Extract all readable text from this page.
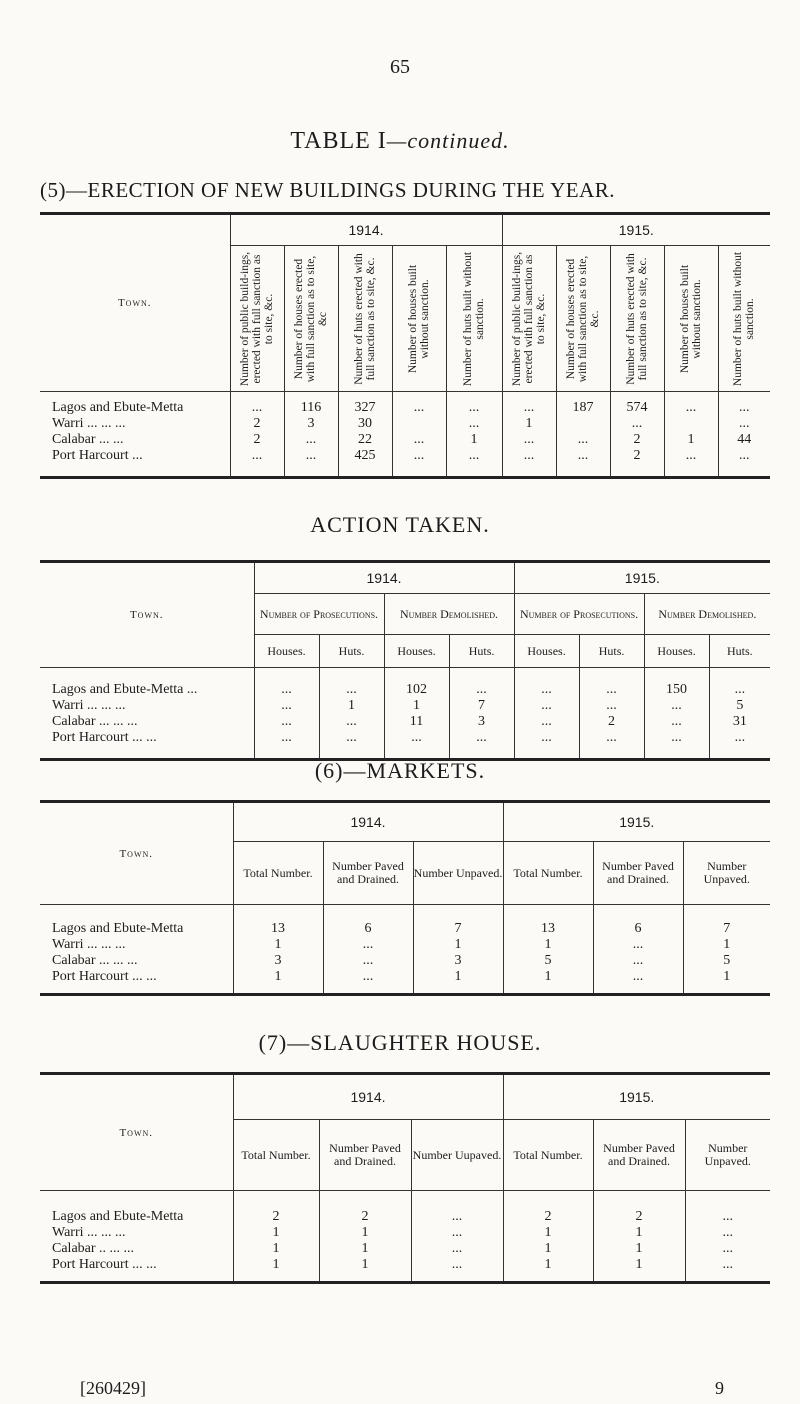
65
TABLE I—continued.
(5)—ERECTION OF NEW BUILDINGS DURING THE YEAR.
Town.	1914.					1915.				

	Number of public build-ings, erected with full sanction as to site, &c.	Number of houses erected with full sanction as to site, &c	Number of huts erected with full sanction as to site, &c.	Number of houses built without sanction.	Number of huts built without sanction.	Number of public build-ings, erected with full sanction as to site, &c.	Number of houses erected with full sanction as to site, &c.	Number of huts erected with full sanction as to site, &c.	Number of houses built without sanction.	Number of huts built without sanction.

Lagos and Ebute-Metta	...	116	327	...	...	...	187	574	...	...
Warri ... ... ...	2	3	30		...	1		...		...
Calabar ... ...	2	...	22	...	1	...	...	2	1	44
Port Harcourt ...	...	...	425	...	...	...	...	2	...	...

ACTION TAKEN.
Town.	1914.				1915.			
	Number of Prosecutions.		Number Demolished.		Number of Prosecutions.		Number Demolished.	
	Houses.	Huts.	Houses.	Huts.	Houses.	Huts.	Houses.	Huts.

Lagos and Ebute-Metta ...	...	...	102	...	...	...	150	...
Warri ... ... ...	...	1	1	7	...	...	...	5
Calabar ... ... ...	...	...	11	3	...	2	...	31
Port Harcourt ... ...	...	...	...	...	...	...	...	...

(6)—MARKETS.
Town.	1914.			1915.		
	Total Number.	Number Paved and Drained.	Number Unpaved.	Total Number.	Number Paved and Drained.	Number Unpaved.

Lagos and Ebute-Metta	13	6	7	13	6	7
Warri ... ... ...	1	...	1	1	...	1
Calabar ... ... ...	3	...	3	5	...	5
Port Harcourt ... ...	1	...	1	1	...	1

(7)—SLAUGHTER HOUSE.
Town.	1914.			1915.		
	Total Number.	Number Paved and Drained.	Number Uupaved.	Total Number.	Number Paved and Drained.	Number Unpaved.

Lagos and Ebute-Metta	2	2	...	2	2	...
Warri ... ... ...	1	1	...	1	1	...
Calabar .. ... ...	1	1	...	1	1	...
Port Harcourt ... ...	1	1	...	1	1	...

[260429]	9
